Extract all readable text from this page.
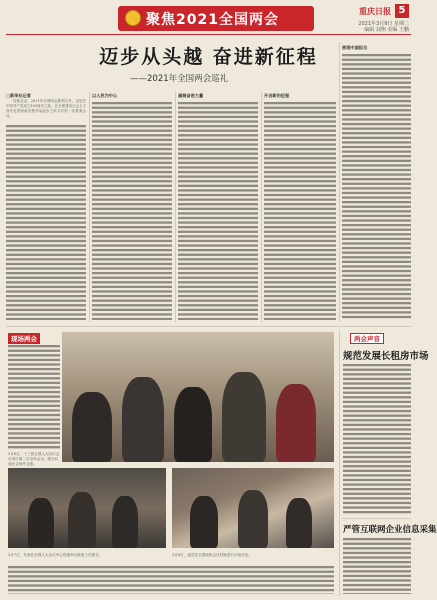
聚焦2021全国两会
重庆日报 5
2021年3月9日 星期二
编辑 刘翔 美编 王鹏
迈步从头越 奋进新征程
——2021年全国两会巡礼
□新华社记者
初春北京，2021年全国两会胜利召开。这是在中国共产党成立100周年之际，在全面建设社会主义现代化国家新征程开局起步之时召开的一次重要会议。
以人民为中心	凝聚奋进力量	开启新的征程
展现中国担当
现场两会
3月8日，十三届全国人大四次会议举行第二次全体会议。图为代表在会场外交流。
3月7日，代表在全国人大会议中心驻地审议政府工作报告。	3月8日，委员在全国政协会议驻地进行小组讨论。
两会声音
规范发展长租房市场
严管互联网企业信息采集
